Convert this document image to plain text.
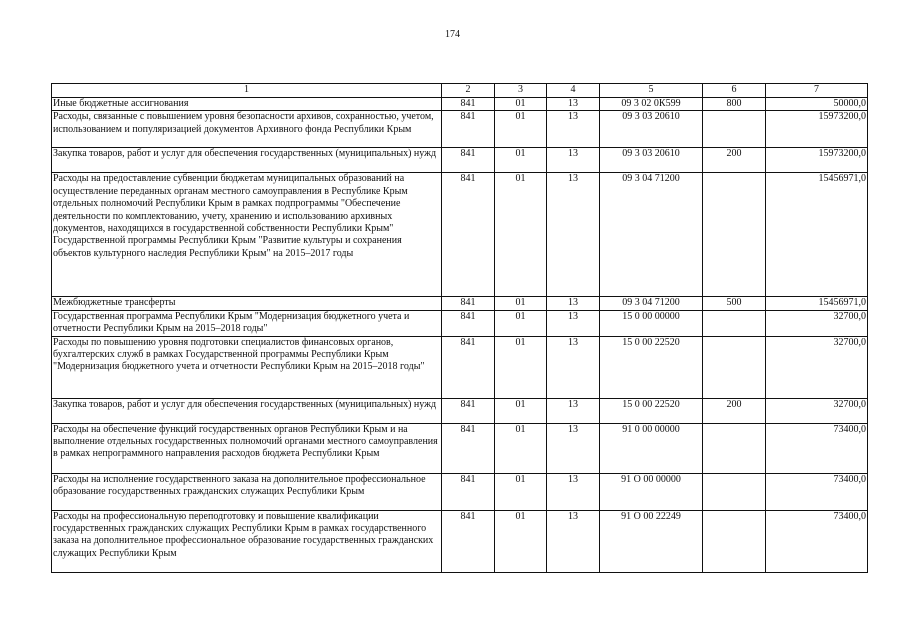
174
1	2	3	4	5	6	7
Иные бюджетные ассигнования	841	01	13	09 3 02 0К599	800	50000,0
Расходы, связанные с повышением уровня безопасности архивов, сохранностью, учетом, использованием и популяризацией документов Архивного фонда Республики Крым	841	01	13	09 3 03 20610		15973200,0
Закупка товаров, работ и услуг для обеспечения государственных (муниципальных) нужд	841	01	13	09 3 03 20610	200	15973200,0
Расходы на предоставление субвенции бюджетам муниципальных образований на осуществление переданных органам местного самоуправления в Республике Крым отдельных полномочий Республики Крым в рамках подпрограммы "Обеспечение деятельности по комплектованию, учету, хранению и использованию архивных документов, находящихся в государственной собственности Республики Крым" Государственной программы Республики Крым "Развитие культуры и сохранения объектов культурного наследия Республики Крым" на 2015–2017 годы	841	01	13	09 3 04 71200		15456971,0
Межбюджетные трансферты	841	01	13	09 3 04 71200	500	15456971,0
Государственная программа Республики Крым "Модернизация бюджетного учета и отчетности Республики Крым на 2015–2018 годы"	841	01	13	15 0 00 00000		32700,0
Расходы по повышению уровня подготовки специалистов финансовых органов, бухгалтерских служб в рамках Государственной программы Республики Крым "Модернизация бюджетного учета и отчетности Республики Крым на 2015–2018 годы"	841	01	13	15 0 00 22520		32700,0
Закупка товаров, работ и услуг для обеспечения государственных (муниципальных) нужд	841	01	13	15 0 00 22520	200	32700,0
Расходы на обеспечение функций государственных органов Республики Крым и на выполнение отдельных государственных полномочий органами местного самоуправления в рамках непрограммного направления расходов бюджета Республики Крым	841	01	13	91 0 00 00000		73400,0
Расходы на исполнение государственного заказа на дополнительное профессиональное образование государственных гражданских служащих Республики Крым	841	01	13	91 О 00 00000		73400,0
Расходы на профессиональную переподготовку и повышение квалификации государственных гражданских служащих Республики Крым в рамках государственного заказа на дополнительное профессиональное образование государственных гражданских служащих Республики Крым	841	01	13	91 О 00 22249		73400,0
